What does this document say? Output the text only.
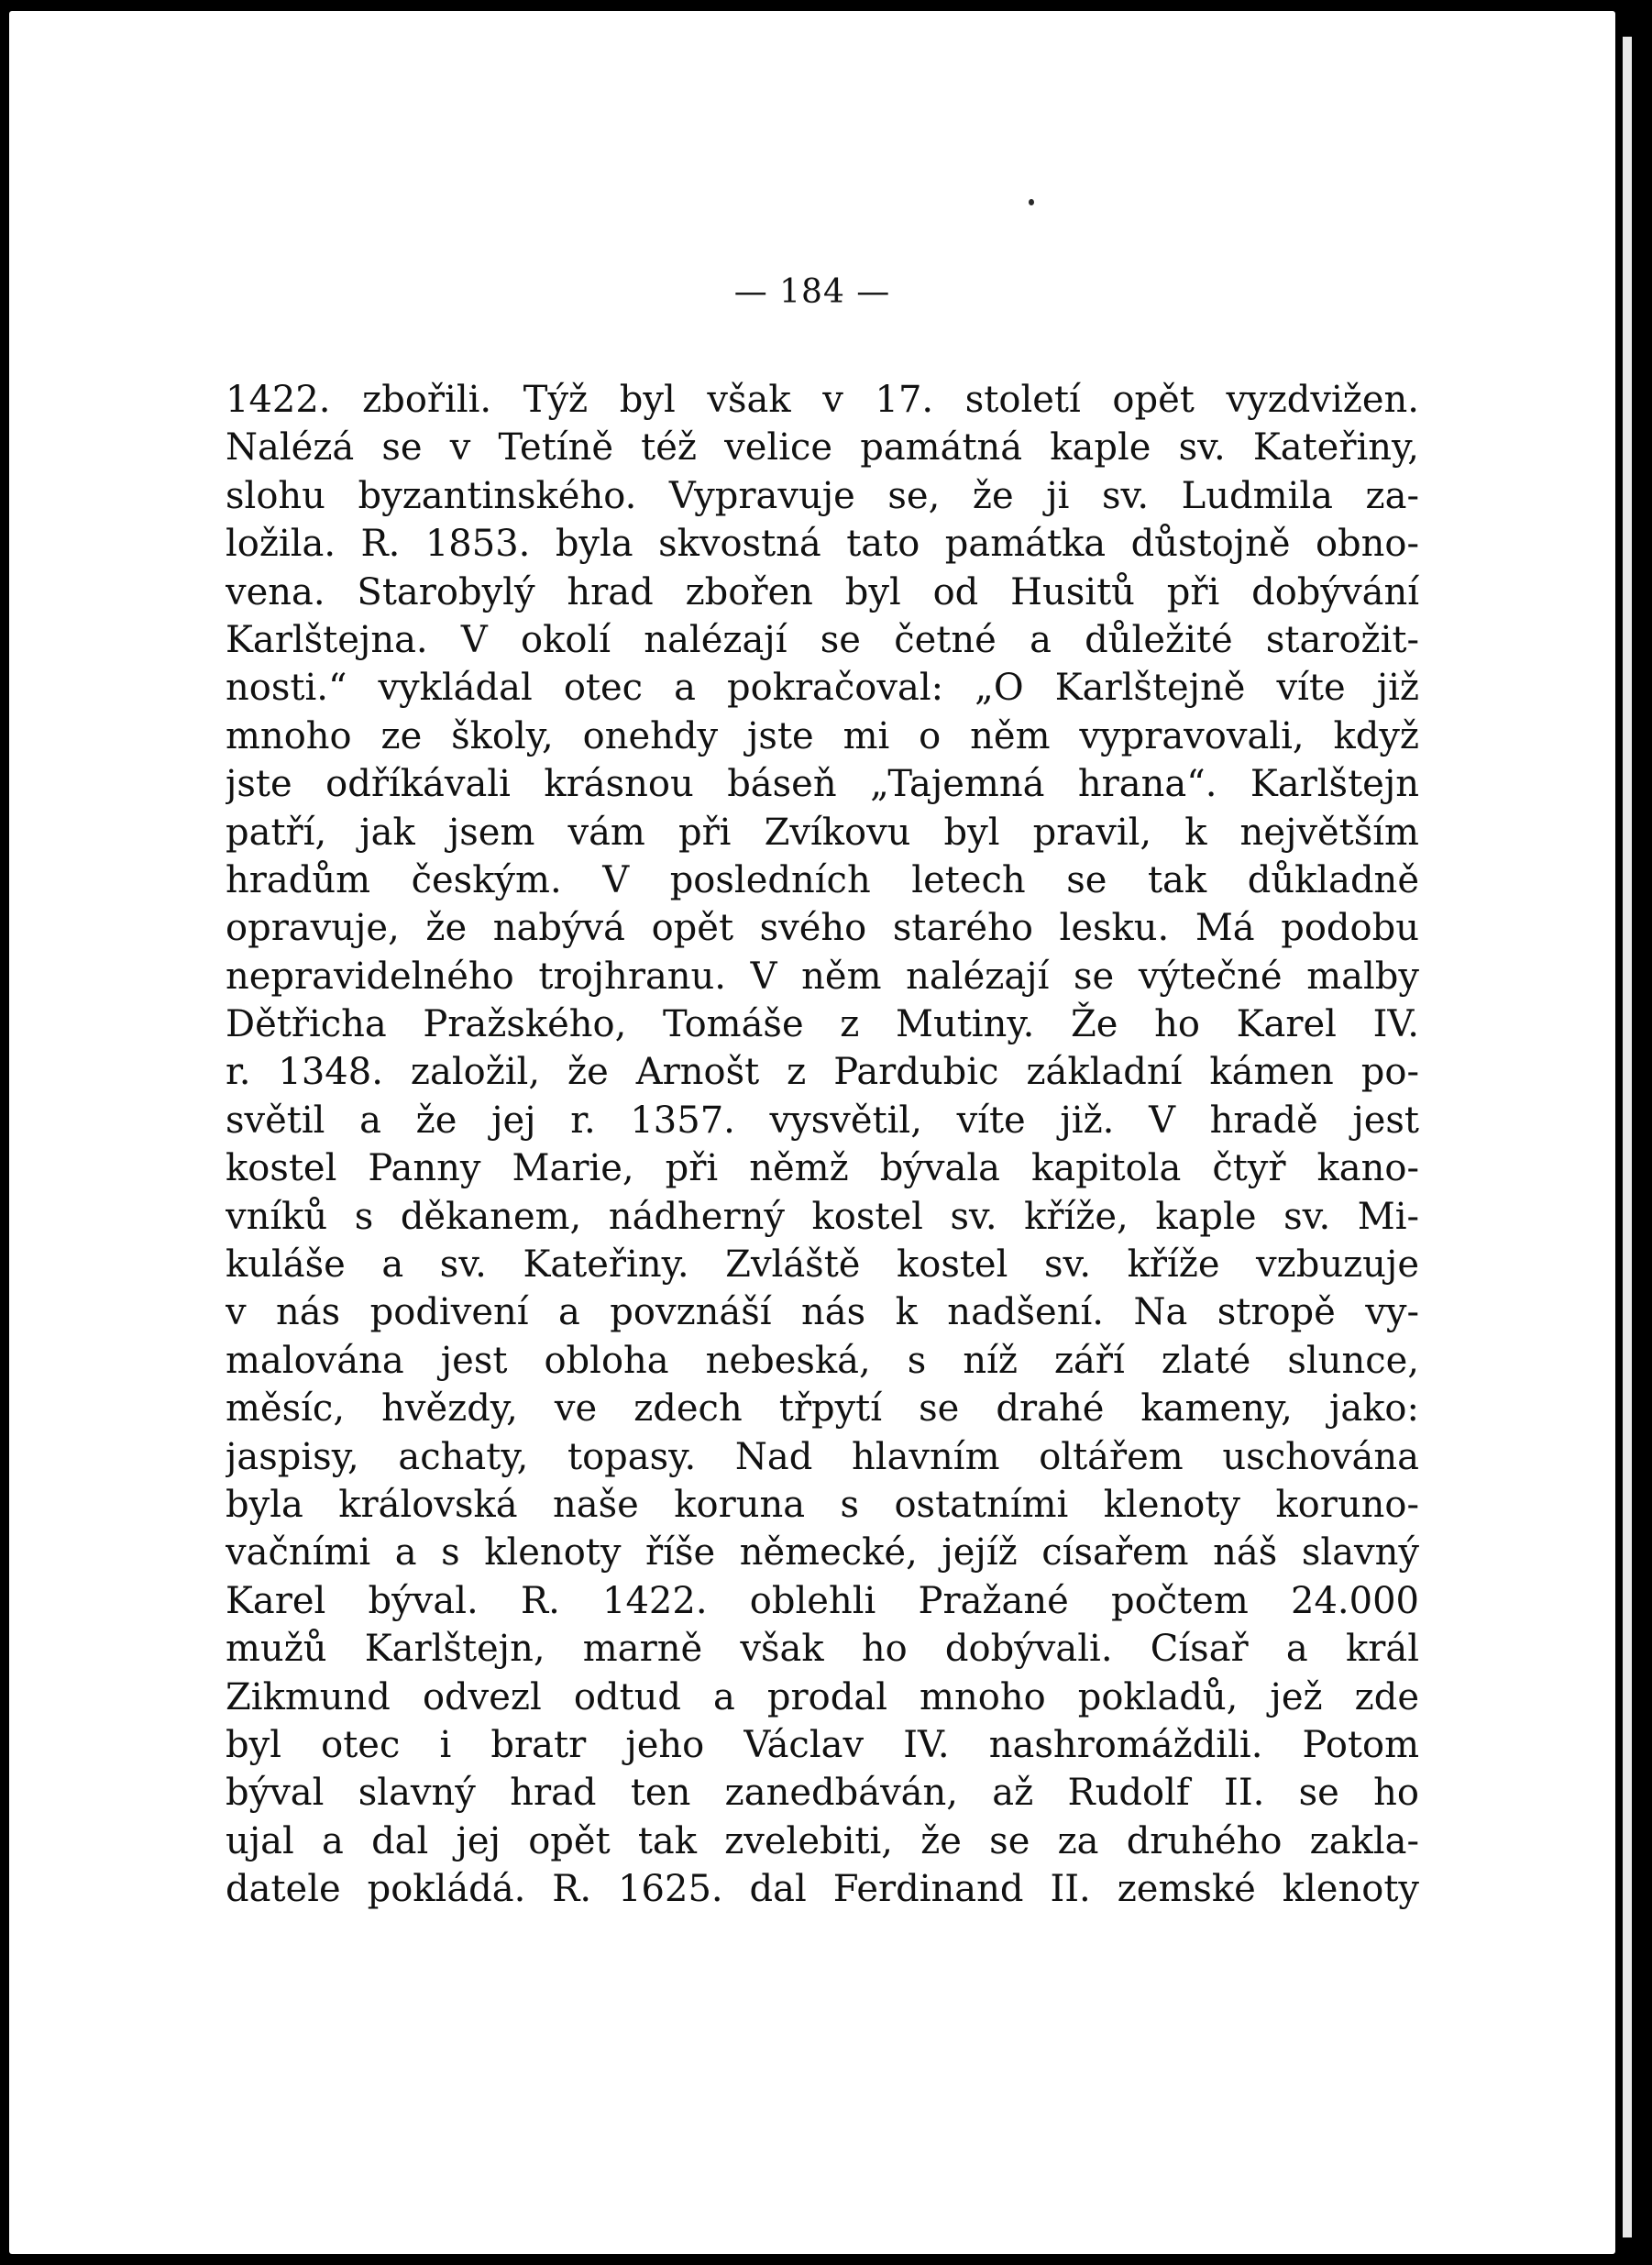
— 184 —
1422. zbořili. Týž byl však v 17. století opět vyzdvižen.
Nalézá se v Tetíně též velice památná kaple sv. Kateřiny,
slohu byzantinského. Vypravuje se, že ji sv. Ludmila za-
ložila. R. 1853. byla skvostná tato památka důstojně obno-
vena. Starobylý hrad zbořen byl od Husitů při dobývání
Karlštejna. V okolí nalézají se četné a důležité starožit-
nosti.“ vykládal otec a pokračoval: „O Karlštejně víte již
mnoho ze školy, onehdy jste mi o něm vypravovali, když
jste odříkávali krásnou báseň „Tajemná hrana“. Karlštejn
patří, jak jsem vám při Zvíkovu byl pravil, k největším
hradům českým. V posledních letech se tak důkladně
opravuje, že nabývá opět svého starého lesku. Má podobu
nepravidelného trojhranu. V něm nalézají se výtečné malby
Dětřicha Pražského, Tomáše z Mutiny. Že ho Karel IV.
r. 1348. založil, že Arnošt z Pardubic základní kámen po-
světil a že jej r. 1357. vysvětil, víte již. V hradě jest
kostel Panny Marie, při němž bývala kapitola čtyř kano-
vníků s děkanem, nádherný kostel sv. kříže, kaple sv. Mi-
kuláše a sv. Kateřiny. Zvláště kostel sv. kříže vzbuzuje
v nás podivení a povznáší nás k nadšení. Na stropě vy-
malována jest obloha nebeská, s níž září zlaté slunce,
měsíc, hvězdy, ve zdech třpytí se drahé kameny, jako:
jaspisy, achaty, topasy. Nad hlavním oltářem uschována
byla královská naše koruna s ostatními klenoty koruno-
vačními a s klenoty říše německé, jejíž císařem náš slavný
Karel býval. R. 1422. oblehli Pražané počtem 24.000
mužů Karlštejn, marně však ho dobývali. Císař a král
Zikmund odvezl odtud a prodal mnoho pokladů, jež zde
byl otec i bratr jeho Václav IV. nashromáždili. Potom
býval slavný hrad ten zanedbáván, až Rudolf II. se ho
ujal a dal jej opět tak zvelebiti, že se za druhého zakla-
datele pokládá. R. 1625. dal Ferdinand II. zemské klenoty
